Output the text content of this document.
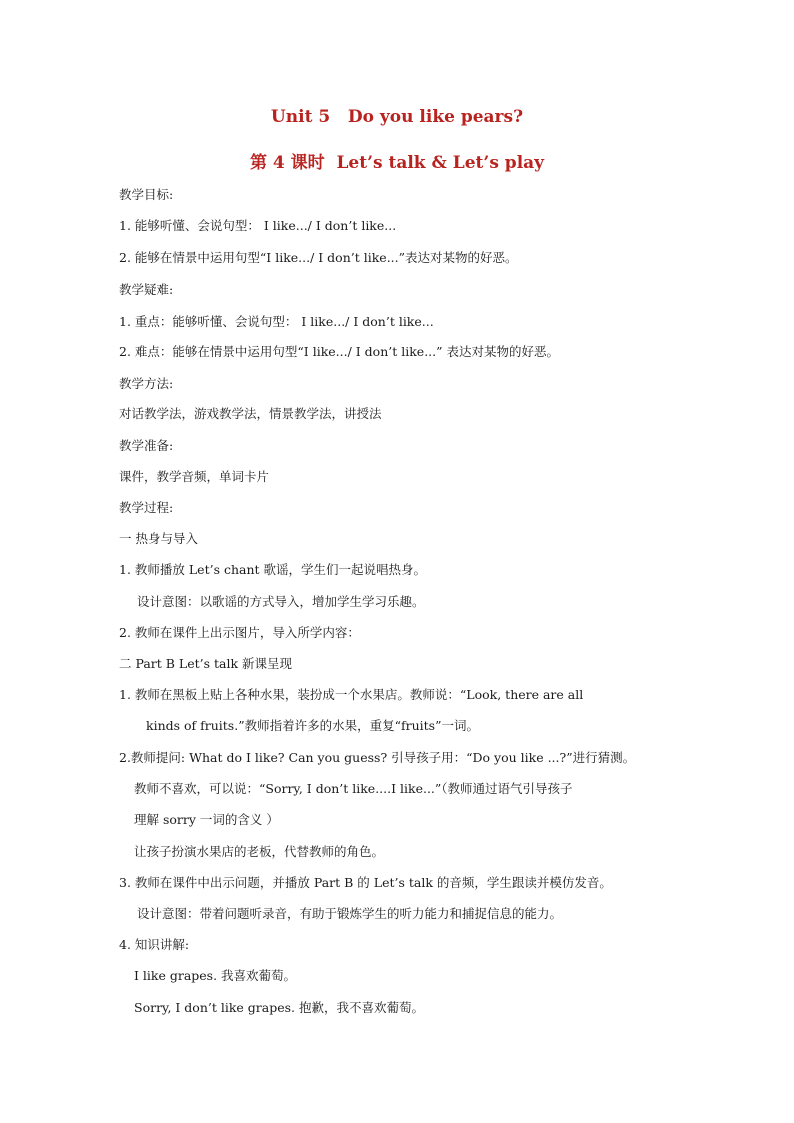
Unit 5   Do you like pears?
第 4 课时  Let’s talk & Let’s play
教学目标:
1. 能够听懂、会说句型： I like.../ I don’t like...
2. 能够在情景中运用句型“I like.../ I don’t like...”表达对某物的好恶。
教学疑难:
1. 重点：能够听懂、会说句型： I like.../ I don’t like...
2. 难点：能够在情景中运用句型“I like.../ I don’t like...” 表达对某物的好恶。
教学方法:
对话教学法，游戏教学法，情景教学法，讲授法
教学准备:
课件，教学音频，单词卡片
教学过程:
一 热身与导入
1. 教师播放 Let’s chant 歌谣，学生们一起说唱热身。
设计意图：以歌谣的方式导入，增加学生学习乐趣。
2. 教师在课件上出示图片，导入所学内容：
二 Part B Let’s talk 新课呈现
1. 教师在黑板上贴上各种水果，装扮成一个水果店。教师说：“Look, there are all
kinds of fruits.”教师指着许多的水果，重复“fruits”一词。
2.教师提问: What do I like? Can you guess? 引导孩子用：“Do you like ...?”进行猜测。
教师不喜欢，可以说：“Sorry, I don’t like....I like...”（教师通过语气引导孩子
理解 sorry 一词的含义 ）
让孩子扮演水果店的老板，代替教师的角色。
3. 教师在课件中出示问题，并播放 Part B 的 Let’s talk 的音频，学生跟读并模仿发音。
设计意图：带着问题听录音，有助于锻炼学生的听力能力和捕捉信息的能力。
4. 知识讲解:
I like grapes. 我喜欢葡萄。
Sorry, I don’t like grapes. 抱歉，我不喜欢葡萄。
